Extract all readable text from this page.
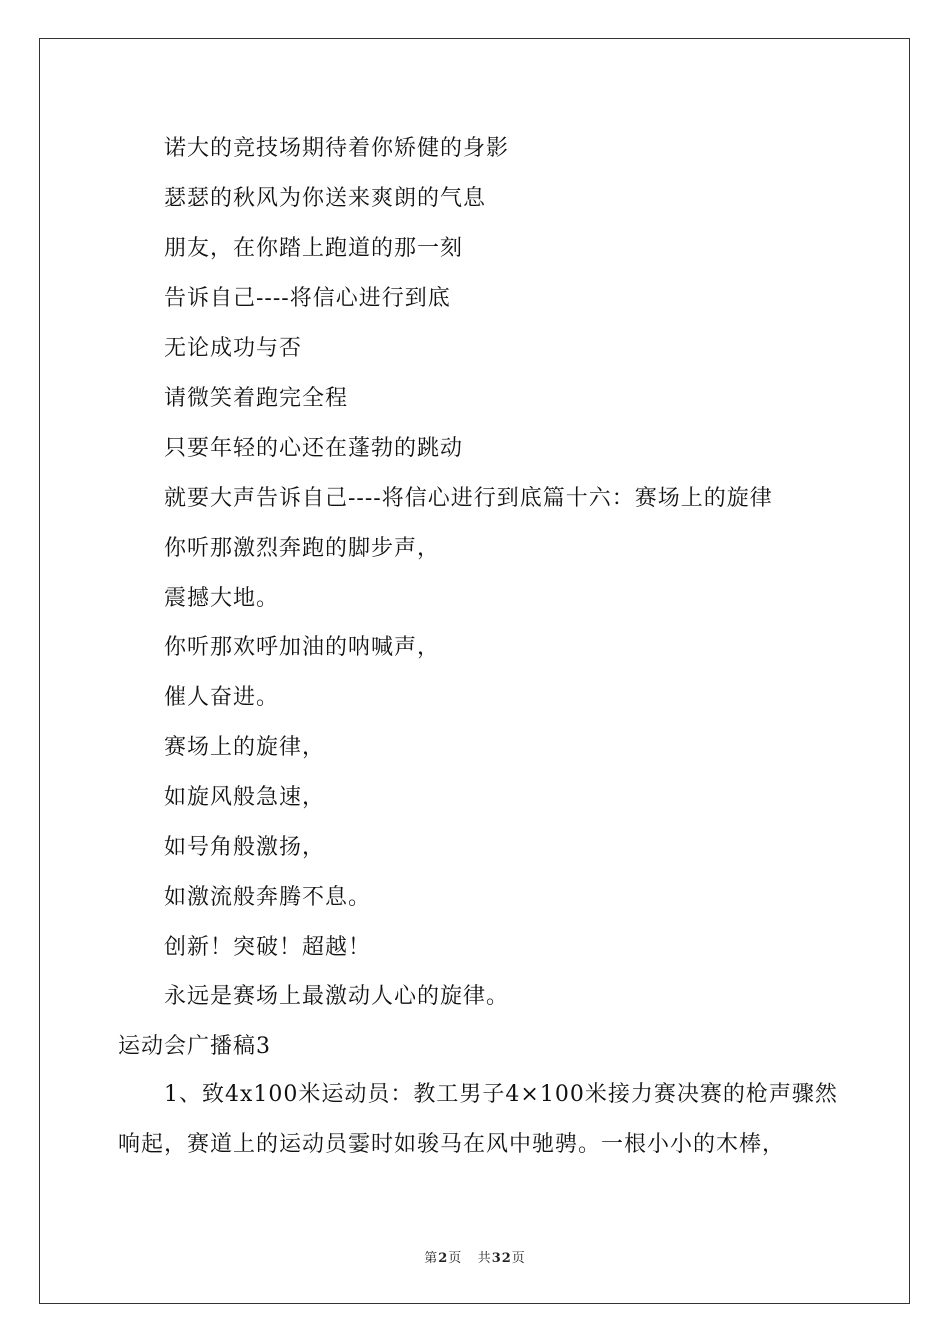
诺大的竞技场期待着你矫健的身影
瑟瑟的秋风为你送来爽朗的气息
朋友，在你踏上跑道的那一刻
告诉自己----将信心进行到底
无论成功与否
请微笑着跑完全程
只要年轻的心还在蓬勃的跳动
就要大声告诉自己----将信心进行到底篇十六：赛场上的旋律
你听那激烈奔跑的脚步声，
震撼大地。
你听那欢呼加油的呐喊声，
催人奋进。
赛场上的旋律，
如旋风般急速，
如号角般激扬，
如激流般奔腾不息。
创新！突破！超越！
永远是赛场上最激动人心的旋律。
运动会广播稿3
1、致4x100米运动员：教工男子4×100米接力赛决赛的枪声骤然响起，赛道上的运动员霎时如骏马在风中驰骋。一根小小的木棒，
第2页 共32页
